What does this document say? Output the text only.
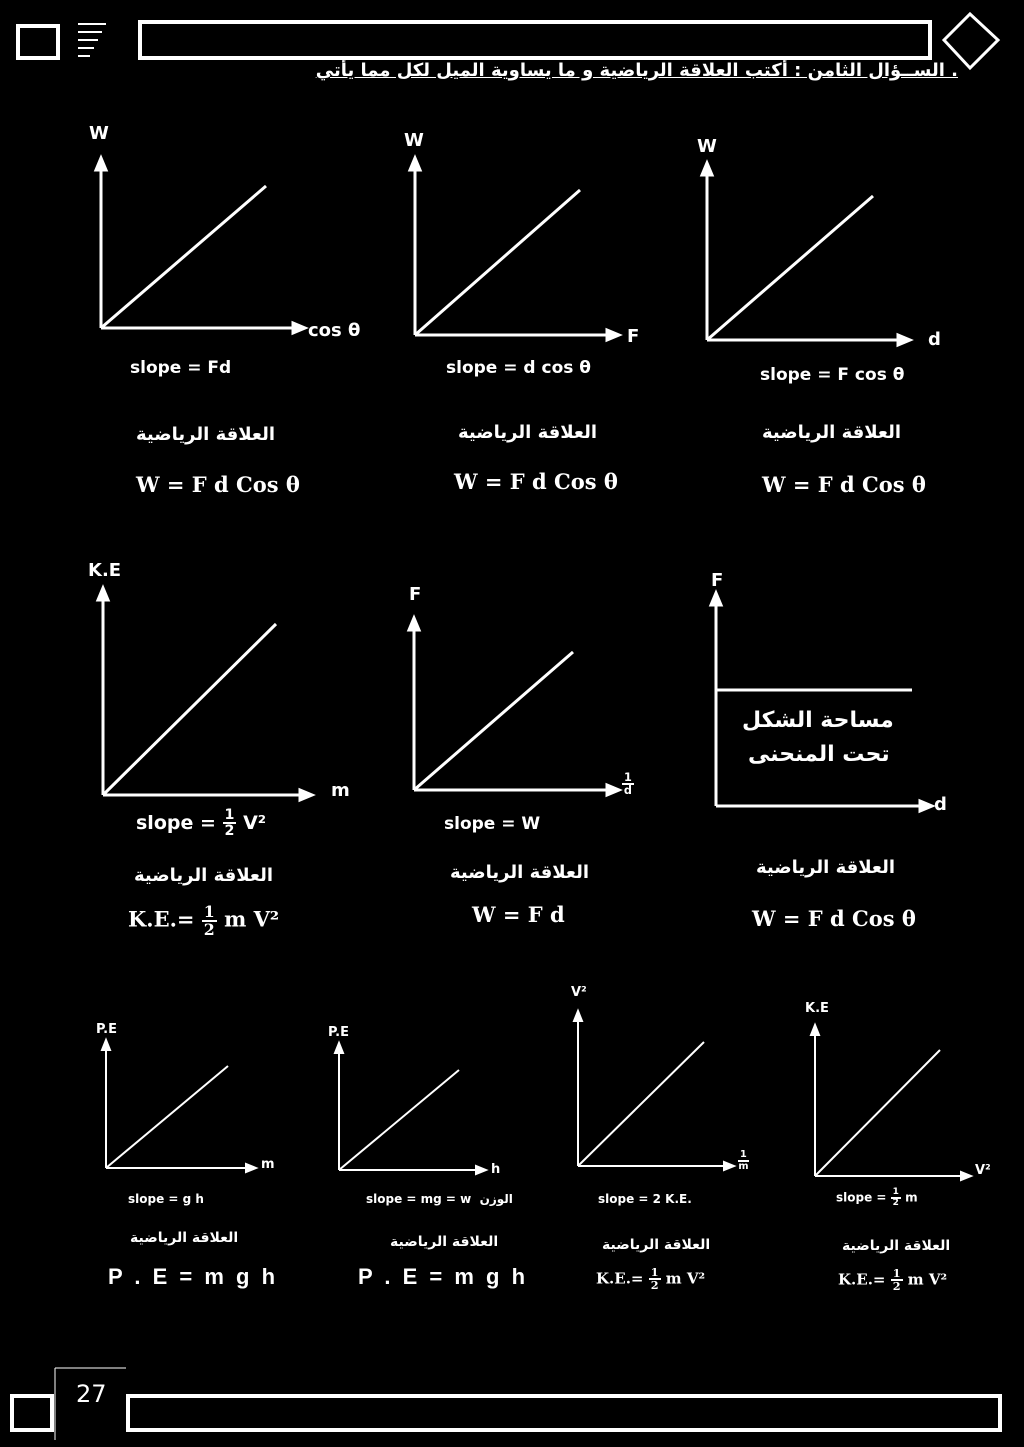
. الســؤال الثامن : أكتب العلاقة الرياضية و ما يساوية الميل لكل مما يأتي
W
cos θ
slope = Fd
العلاقة الرياضية
W = F d Cos θ
W
F
slope = d cos θ
العلاقة الرياضية
W = F d Cos θ
W
d
slope = F cos θ
العلاقة الرياضية
W = F d Cos θ
K.E
m
slope = $\frac{1}{2} V^2$
العلاقة الرياضية
$K.E.= \frac{1}{2}$ m V²
F
$\frac{1}{d}$
slope = W
العلاقة الرياضية
W = F d
F
d
مساحة الشكل
تحت المنحنى
العلاقة الرياضية
W = F d Cos θ
P.E
m
slope = g h
العلاقة الرياضية
P.E
h
slope = mg = w الوزن
العلاقة الرياضية
V²
$\frac{1}{m}$
slope = 2 K.E.
العلاقة الرياضية
$K.E.= \frac{1}{2}$ m V²
K.E
V²
slope = $\frac{1}{2}$ m
العلاقة الرياضية
$K.E.= \frac{1}{2}$ m V²
P . E = m g h	P . E = m g h
27
